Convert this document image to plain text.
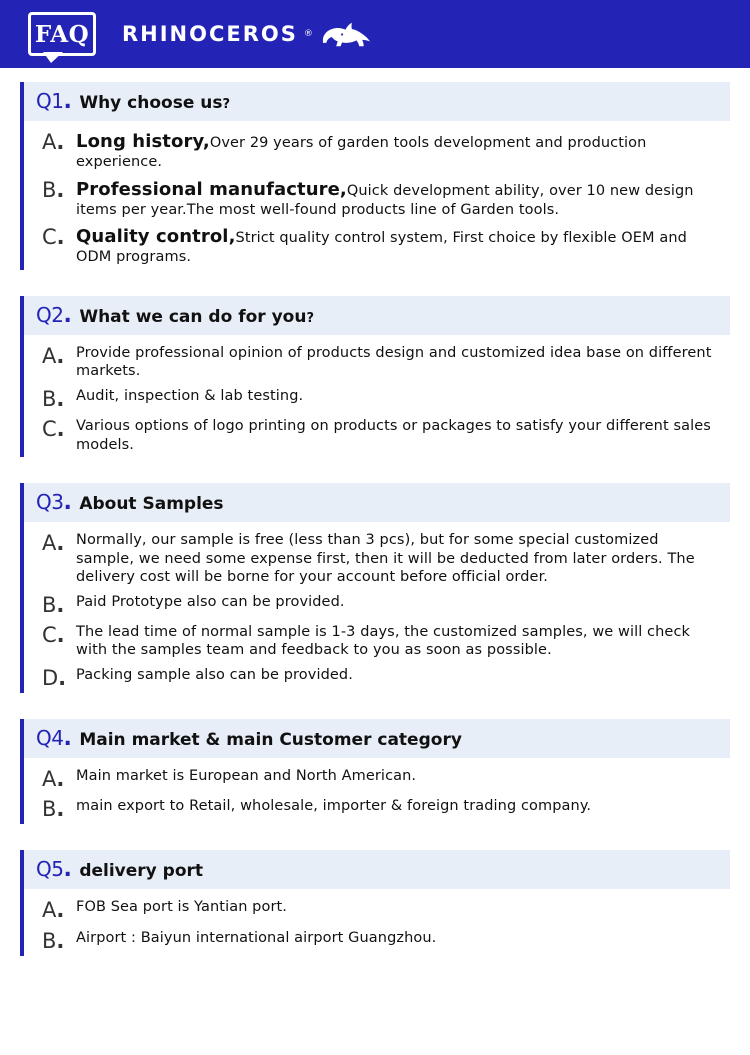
FAQ RHINOCEROS ®
Q1. Why choose us?
A. Long history,Over 29 years of garden tools development and production experience.
B. Professional manufacture,Quick development ability, over 10 new design items per year.The most well-found products line of Garden tools.
C. Quality control,Strict quality control system, First choice by flexible OEM and ODM programs.
Q2. What we can do for you?
A. Provide professional opinion of products design and customized idea base on different markets.
B. Audit, inspection & lab testing.
C. Various options of logo printing on products or packages to satisfy your different sales models.
Q3. About Samples
A. Normally, our sample is free (less than 3 pcs), but for some special customized sample, we need some expense first, then it will be deducted from later orders. The delivery cost will be borne for your account before official order.
B. Paid Prototype also can be provided.
C. The lead time of normal sample is 1-3 days, the customized samples, we will check with the samples team and feedback to you as soon as possible.
D. Packing sample also can be provided.
Q4. Main market & main Customer category
A. Main market is European and North American.
B. main export to Retail, wholesale, importer & foreign trading company.
Q5. delivery port
A. FOB Sea port is Yantian port.
B. Airport : Baiyun international airport Guangzhou.
